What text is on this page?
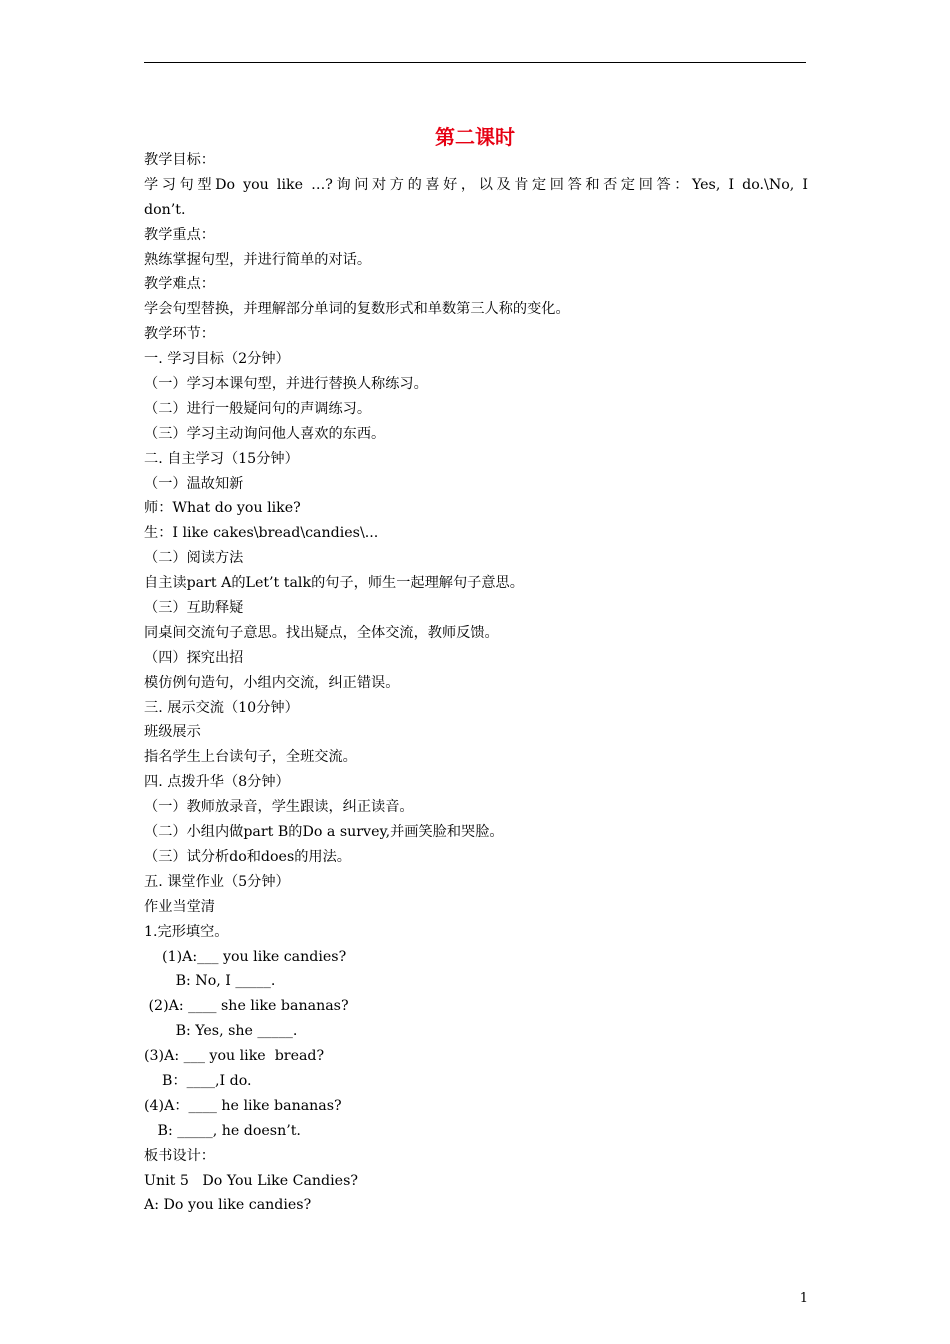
第二课时
教学目标：
学习句型Do you like …?询问对方的喜好，以及肯定回答和否定回答：Yes, I do.\No, I
don’t.
教学重点：
熟练掌握句型，并进行简单的对话。
教学难点：
学会句型替换，并理解部分单词的复数形式和单数第三人称的变化。
教学环节：
一. 学习目标（2分钟）
（一）学习本课句型，并进行替换人称练习。
（二）进行一般疑问句的声调练习。
（三）学习主动询问他人喜欢的东西。
二. 自主学习（15分钟）
（一）温故知新
师：What do you like?
生：I like cakes\bread\candies\...
（二）阅读方法
自主读part A的Let’t talk的句子，师生一起理解句子意思。
（三）互助释疑
同桌间交流句子意思。找出疑点，全体交流，教师反馈。
（四）探究出招
模仿例句造句，小组内交流，纠正错误。
三. 展示交流（10分钟）
班级展示
指名学生上台读句子，全班交流。
四. 点拨升华（8分钟）
（一）教师放录音，学生跟读，纠正读音。
（二）小组内做part B的Do a survey,并画笑脸和哭脸。
（三）试分析do和does的用法。
五. 课堂作业（5分钟）
作业当堂清
1.完形填空。
(1)A:___ you like candies?
B: No, I _____.
(2)A: ____ she like bananas?
B: Yes, she _____.
(3)A: ___ you like  bread?
B：____,I do.
(4)A：____ he like bananas?
B: _____, he doesn’t.
板书设计：
Unit 5   Do You Like Candies?
A: Do you like candies?
1
